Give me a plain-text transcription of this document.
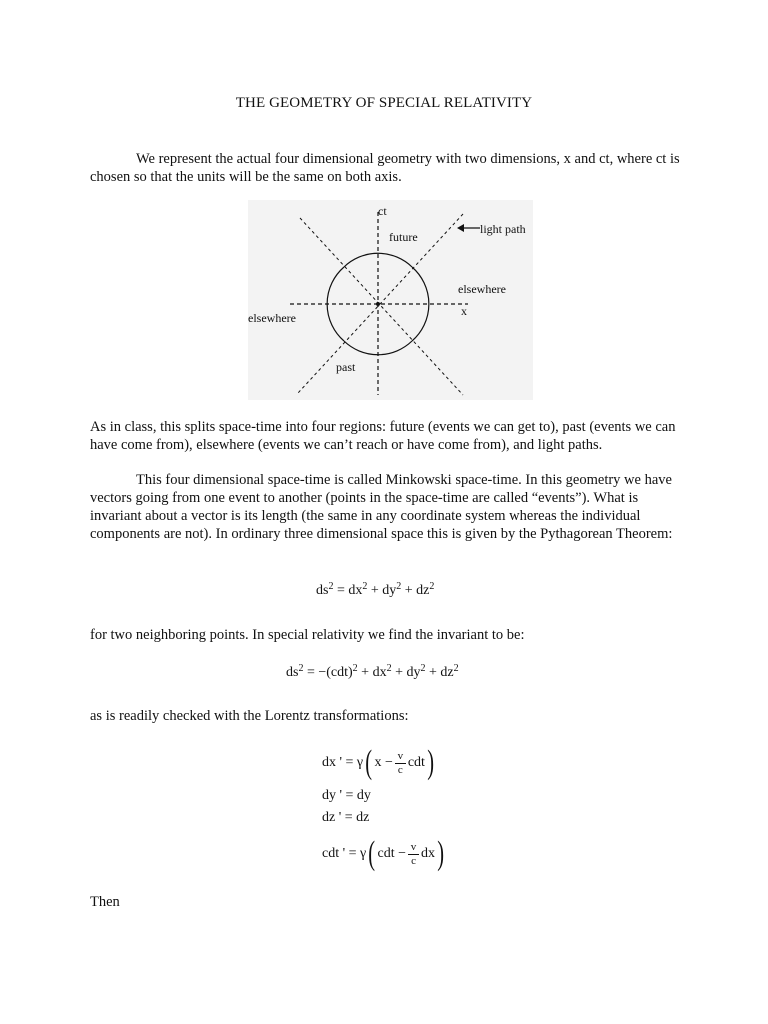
THE GEOMETRY OF SPECIAL RELATIVITY
We represent the actual four dimensional geometry with two dimensions, x and ct, where ct is chosen so that the units will be the same on both axis.
ct
x
future
past
elsewhere
elsewhere
light path
As in class, this splits space-time into four regions: future (events we can get to), past (events we can have come from), elsewhere (events we can’t reach or have come from), and light paths.
This four dimensional space-time is called Minkowski space-time. In this geometry we have vectors going from one event to another (points in the space-time are called “events”). What is invariant about a vector is its length (the same in any coordinate system whereas the individual components are not). In ordinary three dimensional space this is given by the Pythagorean Theorem:
$ds^2 = dx^2 + dy^2 + dz^2$
for two neighboring points. In special relativity we find the invariant to be:
$ds^2 = -(cdt)^2 + dx^2 + dy^2 + dz^2$
as is readily checked with the Lorentz transformations:
dx ' = γ ( $x - \frac{v}{c}$ cdt )
dy ' = dy
dz ' = dz
cdt ' = γ ( cdt − $\frac{v}{c}$ dx )
Then
